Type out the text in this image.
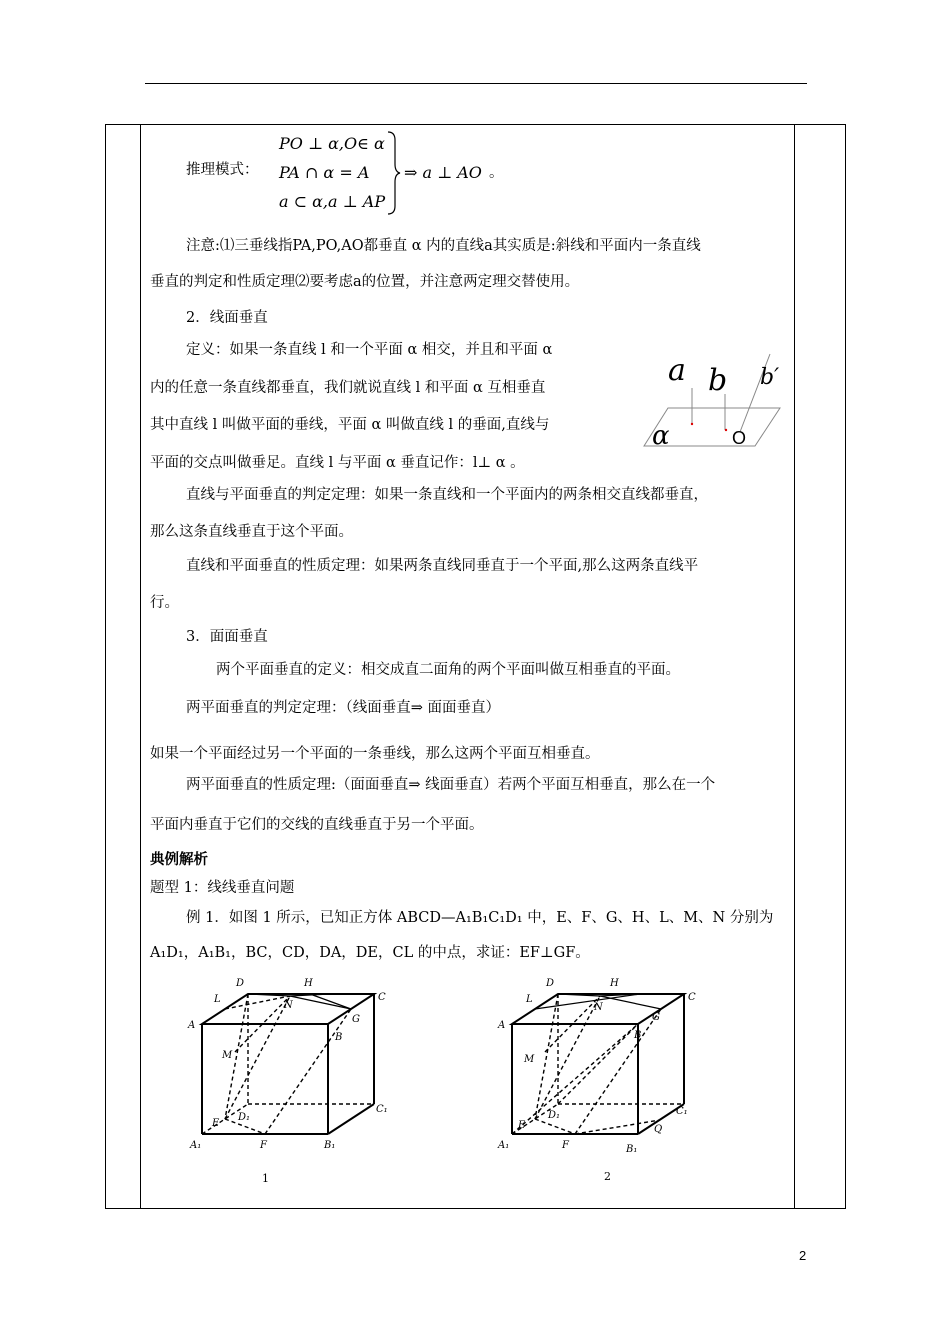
推理模式：
PO ⊥ α,O∈ α
PA ∩ α = A
a ⊂ α,a ⊥ AP
⇒ a ⊥ AO 。
注意:⑴三垂线指PA,PO,AO都垂直 α 内的直线a其实质是:斜线和平面内一条直线
垂直的判定和性质定理⑵要考虑a的位置，并注意两定理交替使用。
2．线面垂直
定义：如果一条直线 l 和一个平面 α 相交，并且和平面 α
内的任意一条直线都垂直，我们就说直线 l 和平面 α 互相垂直
其中直线 l 叫做平面的垂线，平面 α 叫做直线 l 的垂面,直线与
平面的交点叫做垂足。直线 l 与平面 α 垂直记作：l⊥ α 。
a b b′
α	O
直线与平面垂直的判定定理：如果一条直线和一个平面内的两条相交直线都垂直，
那么这条直线垂直于这个平面。
直线和平面垂直的性质定理：如果两条直线同垂直于一个平面,那么这两条直线平
行。
3．面面垂直
两个平面垂直的定义：相交成直二面角的两个平面叫做互相垂直的平面。
两平面垂直的判定定理：（线面垂直⇒ 面面垂直）
如果一个平面经过另一个平面的一条垂线，那么这两个平面互相垂直。
两平面垂直的性质定理:（面面垂直⇒ 线面垂直）若两个平面互相垂直，那么在一个
平面内垂直于它们的交线的直线垂直于另一个平面。
典例解析
题型 1：线线垂直问题
例 1．如图 1 所示，已知正方体 ABCD—A₁B₁C₁D₁ 中，E、F、G、H、L、M、N 分别为
A₁D₁，A₁B₁，BC，CD，DA，DE，CL 的中点，求证：EF⊥GF。
D	H
L
N
C
A
G
B
M
E
D₁
C₁
A₁	F	B₁
1
D	H
L
N
C
A
G
B
M
E
D₁	C₁
A₁	F
Q
B₁
2
2
